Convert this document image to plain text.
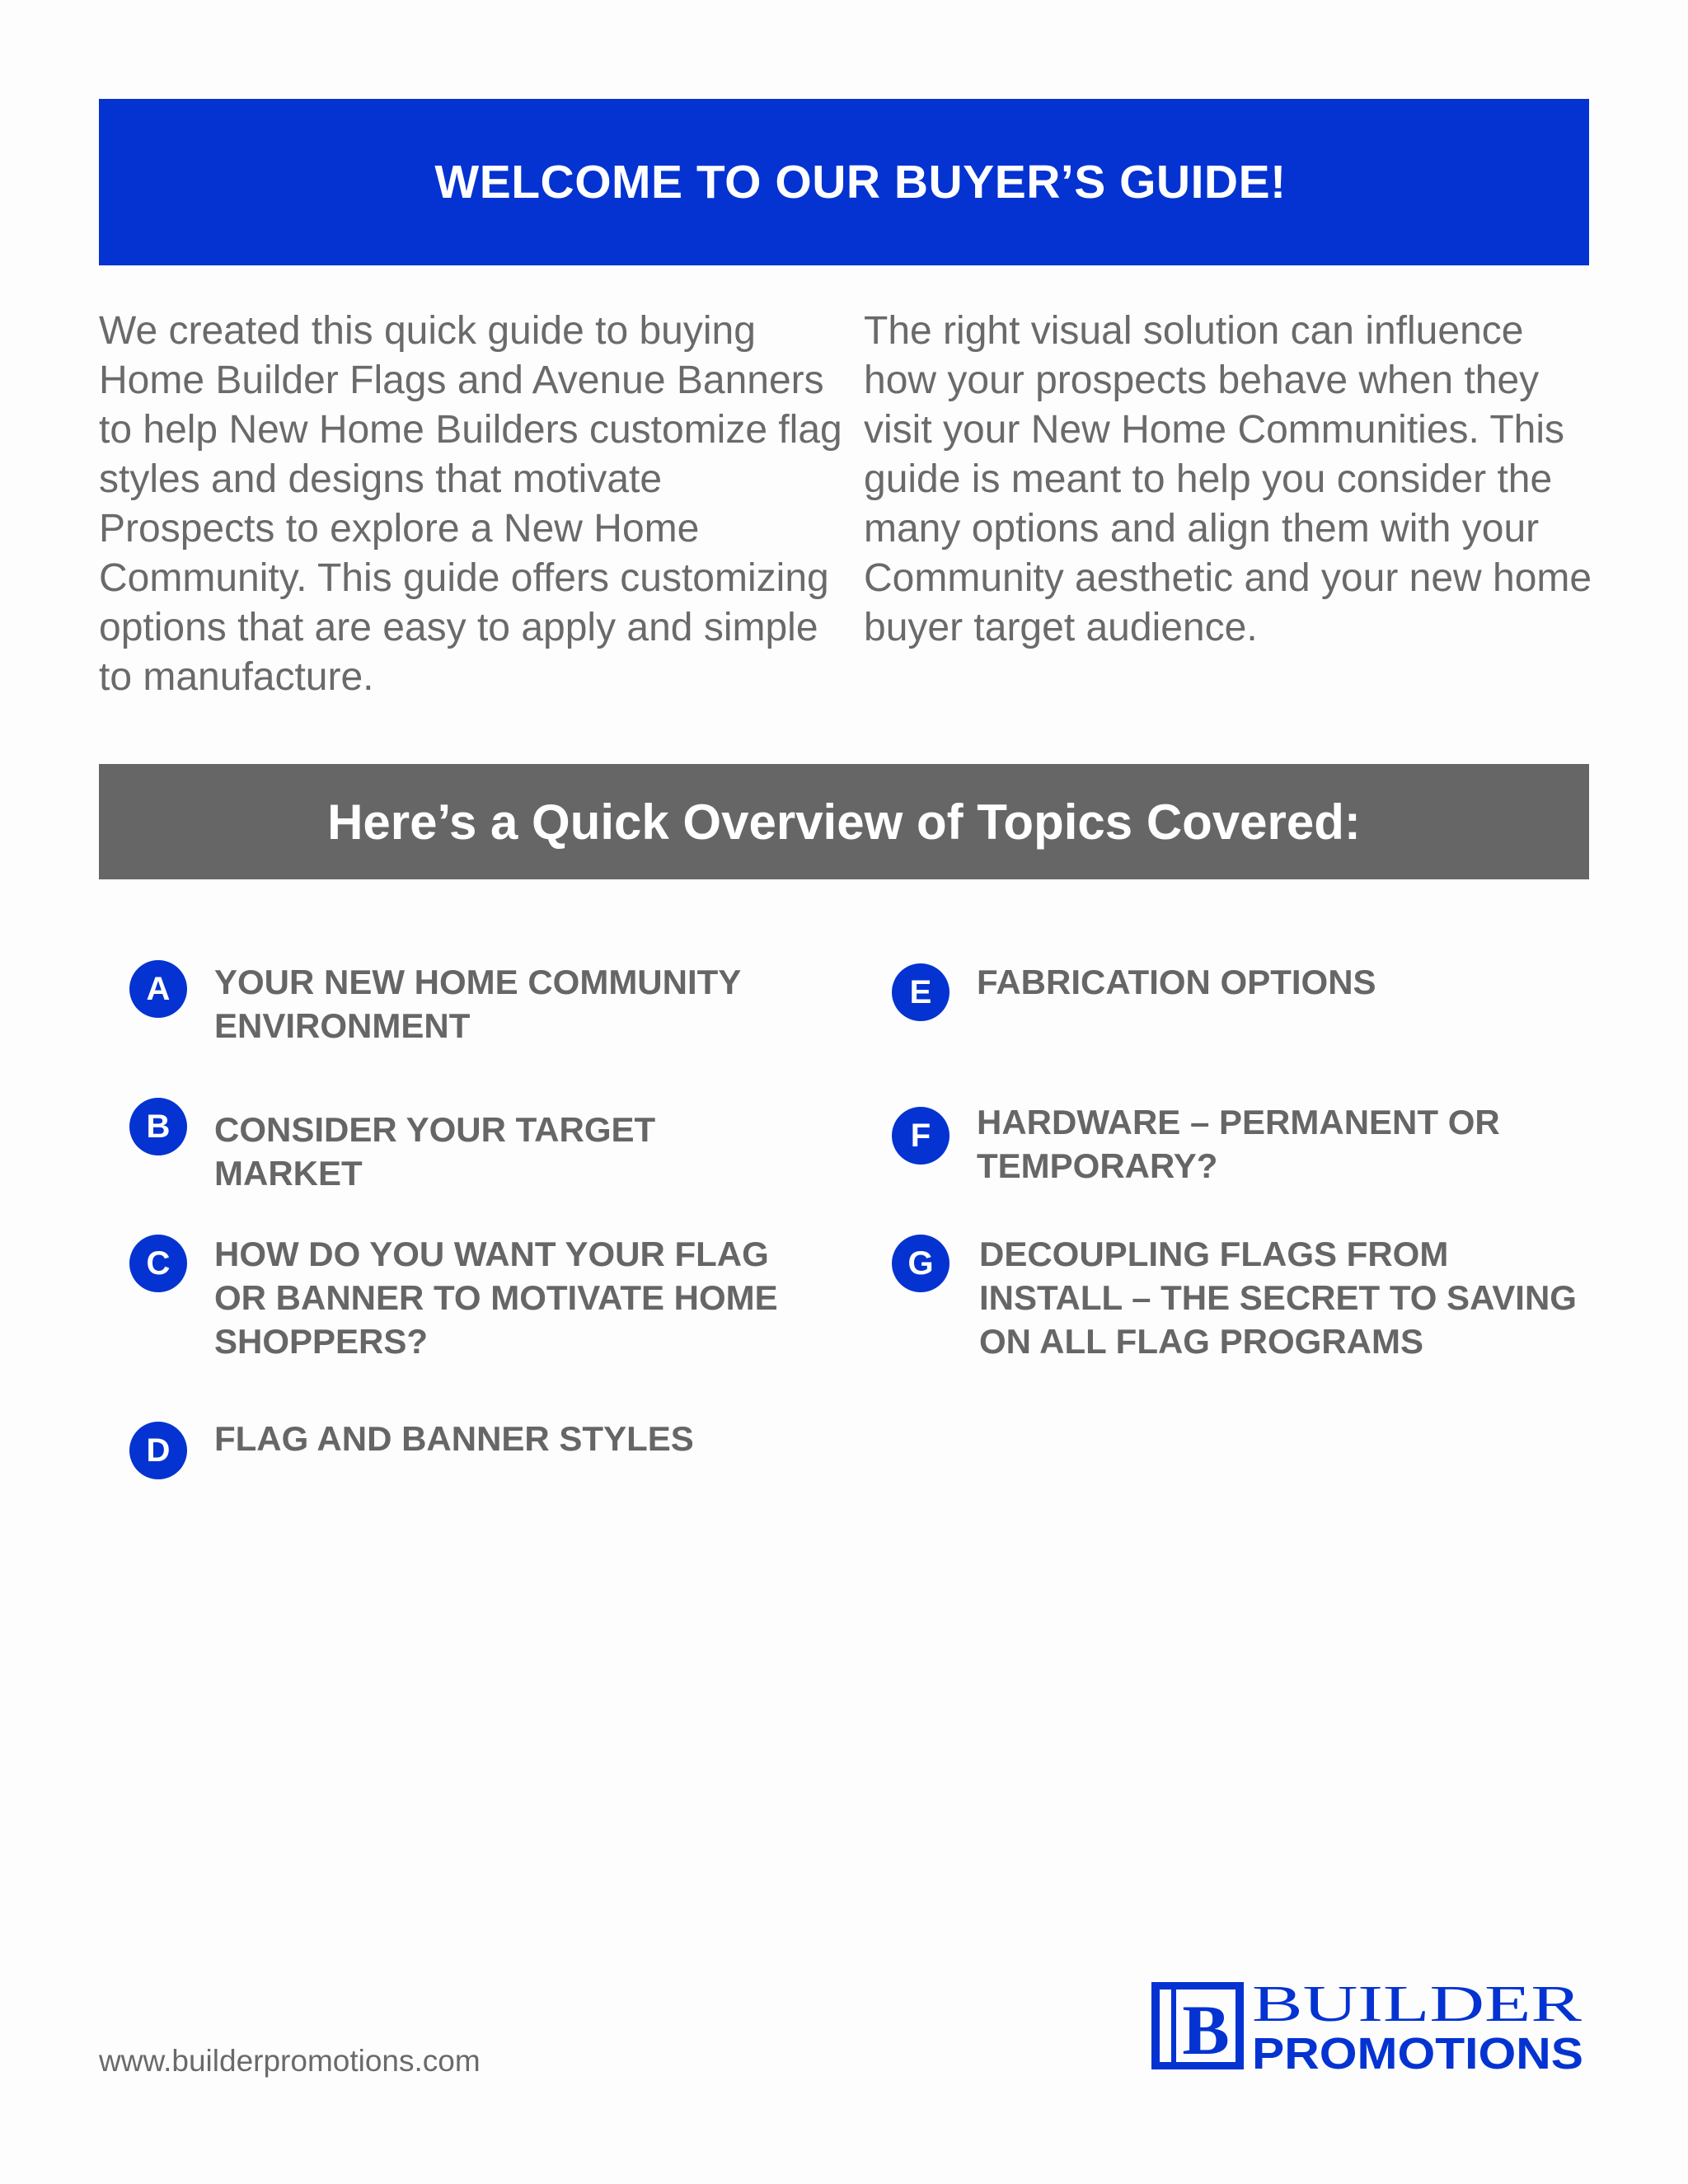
WELCOME TO OUR BUYER’S GUIDE!

We created this quick guide to buying Home Builder Flags and Avenue Banners to help New Home Builders customize flag styles and designs that motivate Prospects to explore a New Home Community. This guide offers customizing options that are easy to apply and simple to manufacture.

The right visual solution can influence how your prospects behave when they visit your New Home Communities. This guide is meant to help you consider the many options and align them with your Community aesthetic and your new home buyer target audience.

Here’s a Quick Overview of Topics Covered:
A	YOUR NEW HOME COMMUNITY ENVIRONMENT
B	CONSIDER YOUR TARGET MARKET
C	HOW DO YOU WANT YOUR FLAG OR BANNER TO MOTIVATE HOME SHOPPERS?
D	FLAG AND BANNER STYLES
E	FABRICATION OPTIONS
F	HARDWARE – PERMANENT OR TEMPORARY?
G	DECOUPLING FLAGS FROM INSTALL – THE SECRET TO SAVING ON ALL FLAG PROGRAMS
www.builderpromotions.com	B BUILDER
PROMOTIONS
